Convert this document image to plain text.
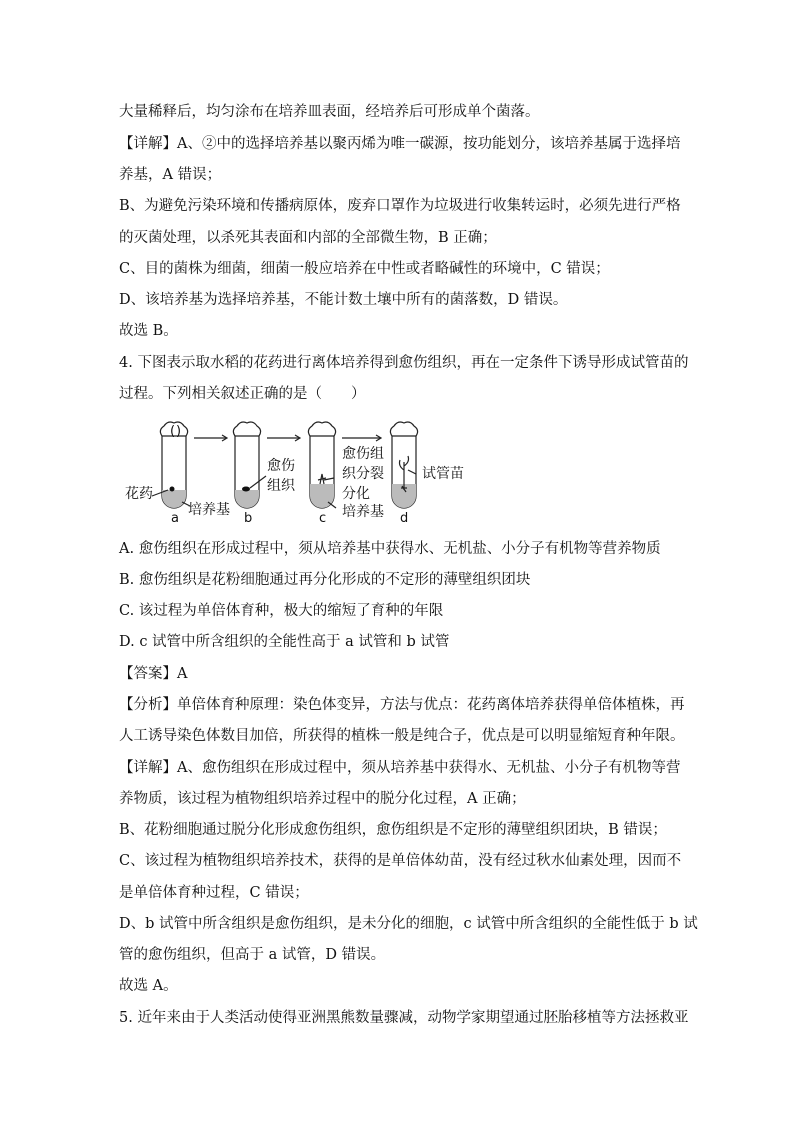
大量稀释后，均匀涂布在培养皿表面，经培养后可形成单个菌落。
【详解】A、②中的选择培养基以聚丙烯为唯一碳源，按功能划分，该培养基属于选择培
养基，A 错误；
B、为避免污染环境和传播病原体，废弃口罩作为垃圾进行收集转运时，必须先进行严格
的灭菌处理，以杀死其表面和内部的全部微生物，B 正确；
C、目的菌株为细菌，细菌一般应培养在中性或者略碱性的环境中，C 错误；
D、该培养基为选择培养基，不能计数土壤中所有的菌落数，D 错误。
故选 B。
4. 下图表示取水稻的花药进行离体培养得到愈伤组织，再在一定条件下诱导形成试管苗的
过程。下列相关叙述正确的是（　　）
( )
花药
培养基
愈伤
组织
愈伤组
织分裂
分化
培养基
试管苗
a	b	c	d
A. 愈伤组织在形成过程中，须从培养基中获得水、无机盐、小分子有机物等营养物质
B. 愈伤组织是花粉细胞通过再分化形成的不定形的薄壁组织团块
C. 该过程为单倍体育种，极大的缩短了育种的年限
D. c 试管中所含组织的全能性高于 a 试管和 b 试管
【答案】A
【分析】单倍体育种原理：染色体变异，方法与优点：花药离体培养获得单倍体植株，再
人工诱导染色体数目加倍，所获得的植株一般是纯合子，优点是可以明显缩短育种年限。
【详解】A、愈伤组织在形成过程中，须从培养基中获得水、无机盐、小分子有机物等营
养物质，该过程为植物组织培养过程中的脱分化过程，A 正确；
B、花粉细胞通过脱分化形成愈伤组织，愈伤组织是不定形的薄壁组织团块，B 错误；
C、该过程为植物组织培养技术，获得的是单倍体幼苗，没有经过秋水仙素处理，因而不
是单倍体育种过程，C 错误；
D、b 试管中所含组织是愈伤组织，是未分化的细胞，c 试管中所含组织的全能性低于 b 试
管的愈伤组织，但高于 a 试管，D 错误。
故选 A。
5. 近年来由于人类活动使得亚洲黑熊数量骤减，动物学家期望通过胚胎移植等方法拯救亚
